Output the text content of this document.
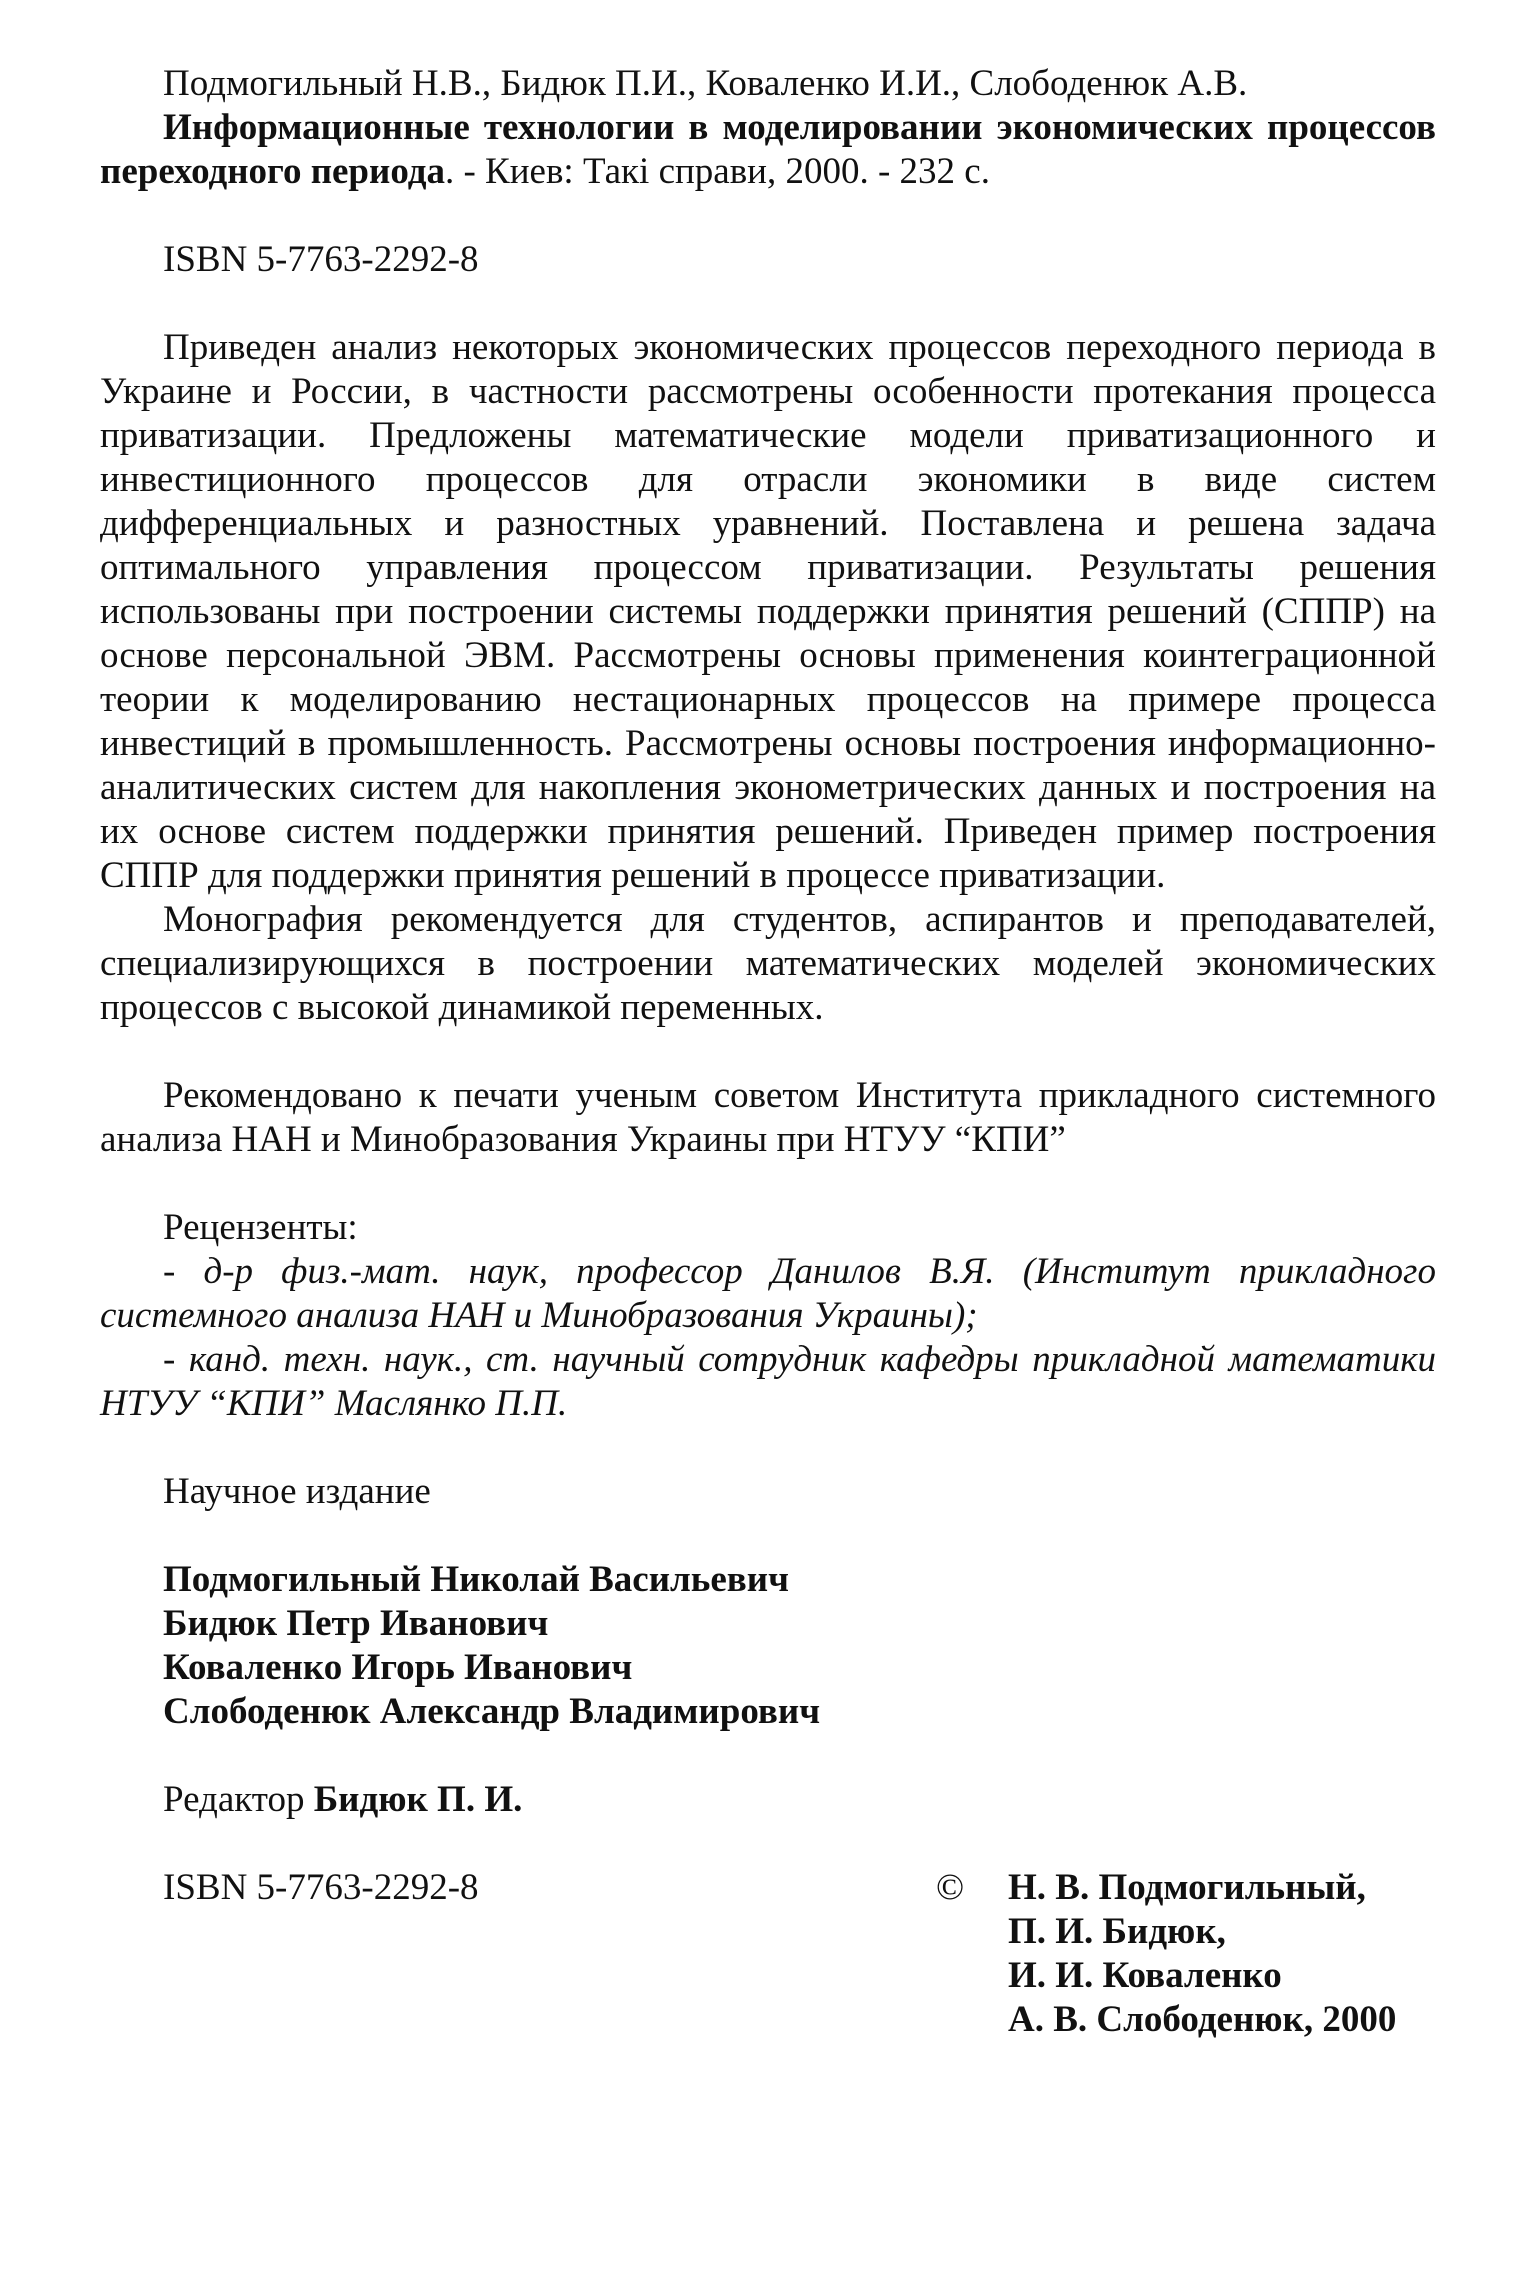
Подмогильный Н.В., Бидюк П.И., Коваленко И.И., Слободенюк А.В.

Информационные технологии в моделировании экономических процессов переходного периода. - Киев: Такі справи, 2000. - 232 с.

ISBN 5-7763-2292-8

Приведен анализ некоторых экономических процессов переходного периода в Украине и России, в частности рассмотрены особенности протекания процесса приватизации. Предложены математические модели приватизационного и инвестиционного процессов для отрасли экономики в виде систем дифференциальных и разностных уравнений. Поставлена и решена задача оптимального управления процессом приватизации. Результаты решения использованы при построении системы поддержки принятия решений (СППР) на основе персональной ЭВМ. Рассмотрены основы применения коинтеграционной теории к моделированию нестационарных процессов на примере процесса инвестиций в промышленность. Рассмотрены основы построения информационно-аналитических систем для накопления эконометрических данных и построения на их основе систем поддержки принятия решений. Приведен пример построения СППР для поддержки принятия решений в процессе приватизации.

Монография рекомендуется для студентов, аспирантов и преподавателей, специализирующихся в построении математических моделей экономических процессов с высокой динамикой переменных.

Рекомендовано к печати ученым советом Института прикладного системного анализа НАН и Минобразования Украины при НТУУ “КПИ”

Рецензенты:

- д-р физ.-мат. наук, профессор Данилов В.Я. (Институт прикладного системного анализа НАН и Минобразования Украины);

- канд. техн. наук., ст. научный сотрудник кафедры прикладной математики НТУУ “КПИ” Маслянко П.П.

Научное издание

Подмогильный Николай Васильевич

Бидюк Петр Иванович

Коваленко Игорь Иванович

Слободенюк Александр Владимирович

Редактор Бидюк П. И.

ISBN 5-7763-2292-8	©	Н. В. Подмогильный,

П. И. Бидюк,

И. И. Коваленко

А. В. Слободенюк, 2000
